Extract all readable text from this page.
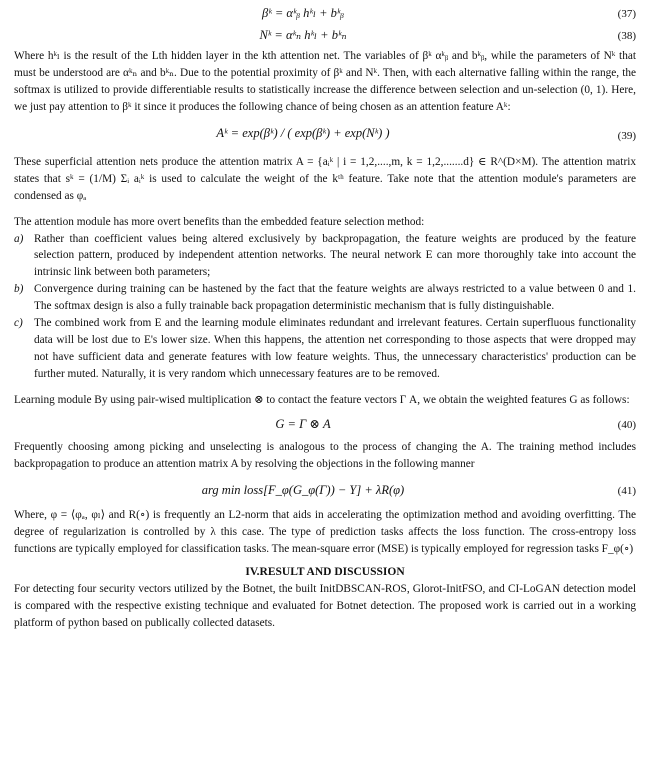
βᵏ = αᵏᵦ hᵏₗ + bᵏᵦ	(37)
Nᵏ = αᵏₙ hᵏₗ + bᵏₙ	(38)

Where hᵏₗ is the result of the Lth hidden layer in the kth attention net. The variables of βᵏ αᵏᵦ and bᵏᵦ, while the parameters of Nᵏ that must be understood are αᵏₙ and bᵏₙ. Due to the potential proximity of βᵏ and Nᵏ. Then, with each alternative falling within the range, the softmax is utilized to provide differentiable results to statistically increase the difference between selection and un-selection (0, 1). Here, we just pay attention to βᵏ it since it produces the following chance of being chosen as an attention feature Aᵏ:

Aᵏ = exp(βᵏ) / ( exp(βᵏ) + exp(Nᵏ) )	(39)

These superficial attention nets produce the attention matrix A = {aᵢᵏ | i = 1,2,....,m, k = 1,2,.......d} ∈ R^(D×M). The attention matrix states that sᵏ = (1/M) Σᵢ aᵢᵏ is used to calculate the weight of the kᵗʰ feature. Take note that the attention module's parameters are condensed as φₐ

The attention module has more overt benefits than the embedded feature selection method:

a) Rather than coefficient values being altered exclusively by backpropagation, the feature weights are produced by the feature selection pattern, produced by independent attention networks. The neural network E can more thoroughly take into account the intrinsic link between both parameters;
b) Convergence during training can be hastened by the fact that the feature weights are always restricted to a value between 0 and 1. The softmax design is also a fully trainable back propagation deterministic mechanism that is fully distinguishable.
c) The combined work from E and the learning module eliminates redundant and irrelevant features. Certain superfluous functionality data will be lost due to E's lower size. When this happens, the attention net corresponding to those aspects that were dropped may not have sufficient data and generate features with low feature weights. Thus, the unnecessary characteristics' production can be further muted. Naturally, it is very random which unnecessary features are to be removed.

Learning module By using pair-wised multiplication ⊗ to contact the feature vectors Γ A, we obtain the weighted features G as follows:

G = Γ ⊗ A	(40)

Frequently choosing among picking and unselecting is analogous to the process of changing the A. The training method includes backpropagation to produce an attention matrix A by resolving the objections in the following manner

arg min loss[F_φ(G_φ(Γ)) − Y] + λR(φ)	(41)

Where, φ = ⟨φₐ, φₗ⟩ and R(∘) is frequently an L2-norm that aids in accelerating the optimization method and avoiding overfitting. The degree of regularization is controlled by λ this case. The type of prediction tasks affects the loss function. The cross-entropy loss functions are typically employed for classification tasks. The mean-square error (MSE) is typically employed for regression tasks F_φ(∘)

IV.RESULT AND DISCUSSION

For detecting four security vectors utilized by the Botnet, the built InitDBSCAN-ROS, Glorot-InitFSO, and CI-LoGAN detection model is compared with the respective existing technique and evaluated for Botnet detection. The proposed work is carried out in a working platform of python based on publically collected datasets.
